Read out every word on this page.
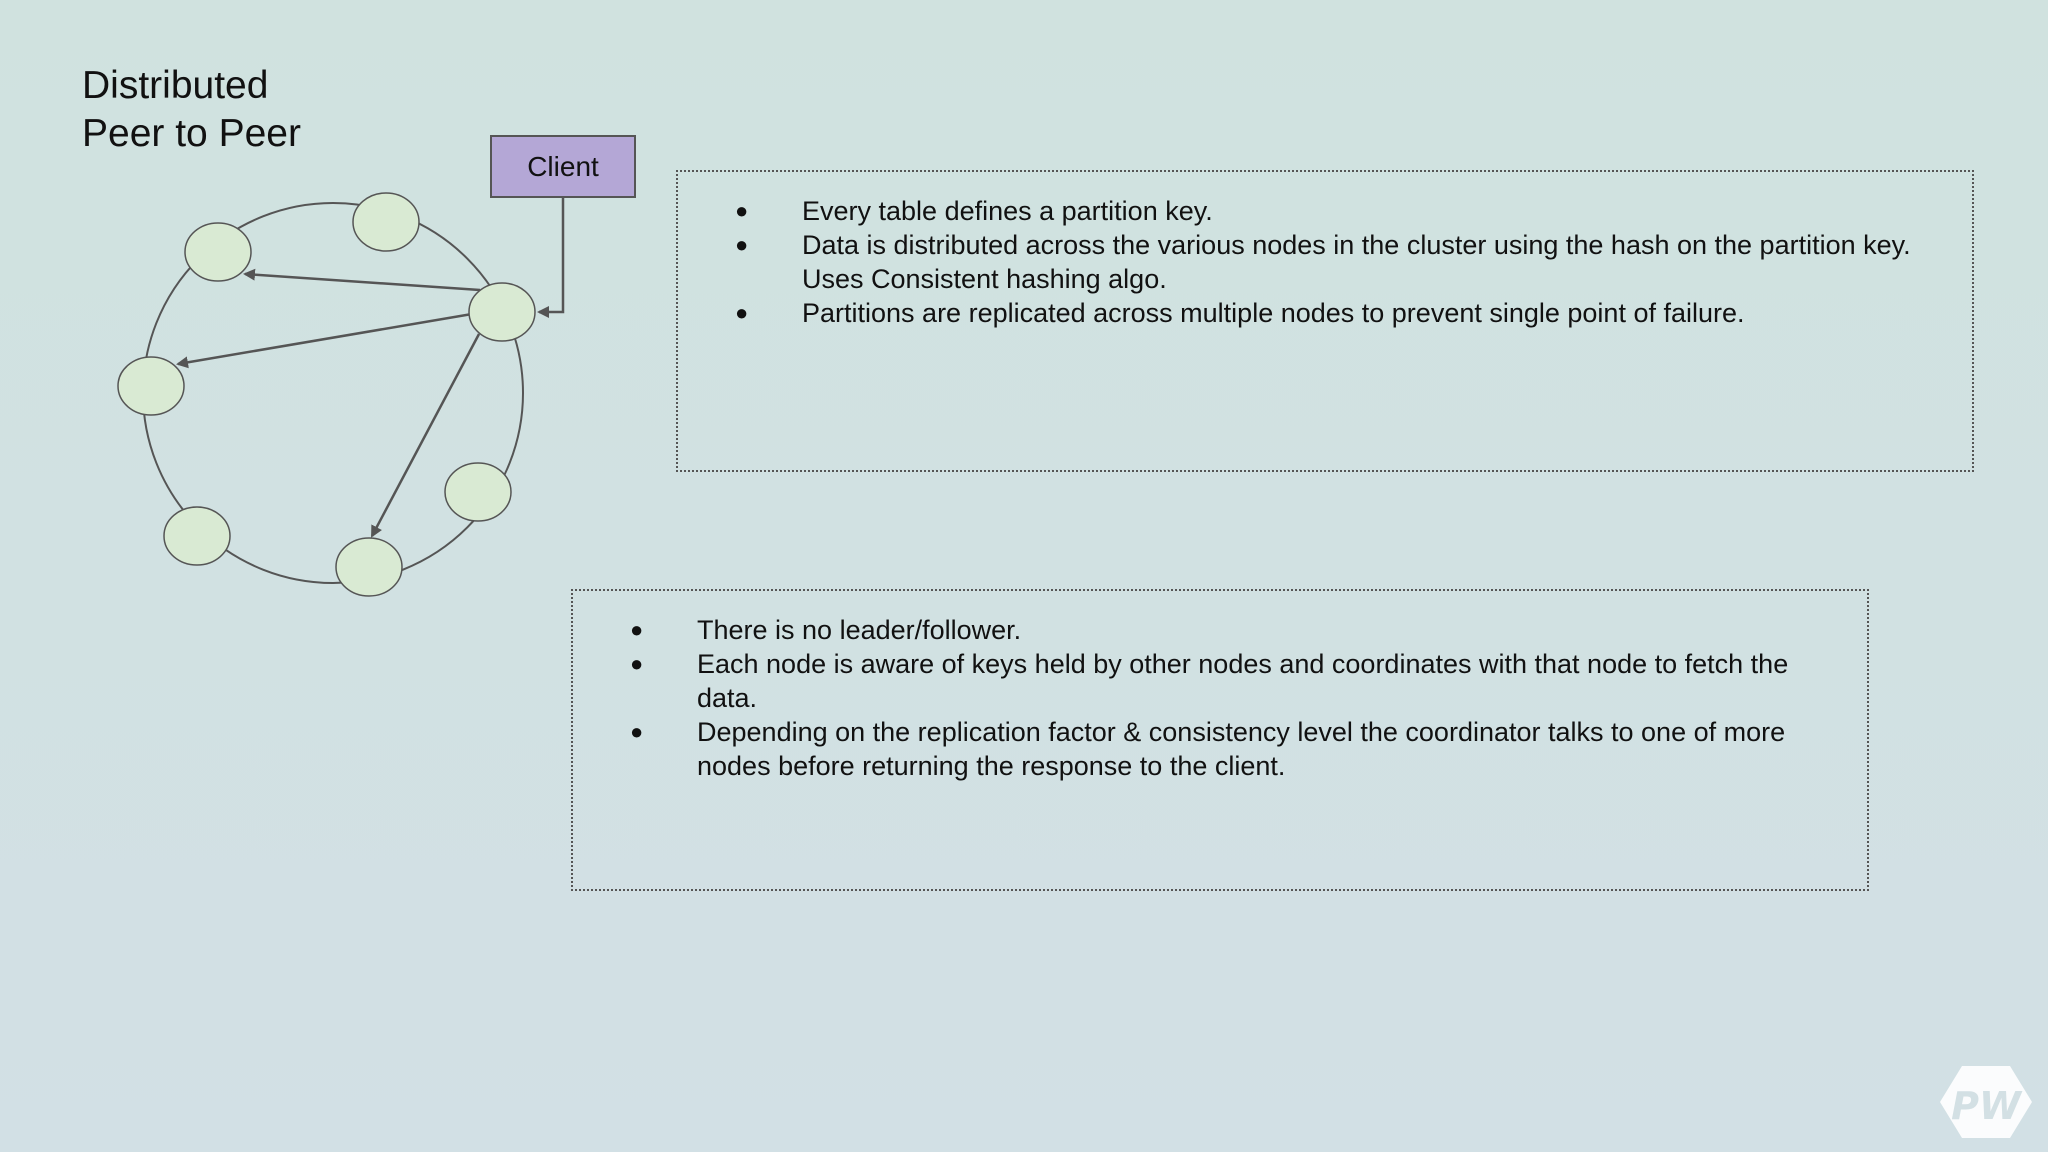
Distributed
Peer to Peer
Client
● Every table defines a partition key.
● Data is distributed across the various nodes in the cluster using the hash on the partition key. Uses Consistent hashing algo.
● Partitions are replicated across multiple nodes to prevent single point of failure.
● There is no leader/follower.
● Each node is aware of keys held by other nodes and coordinates with that node to fetch the data.
● Depending on the replication factor & consistency level the coordinator talks to one of more nodes before returning the response to the client.
PW
